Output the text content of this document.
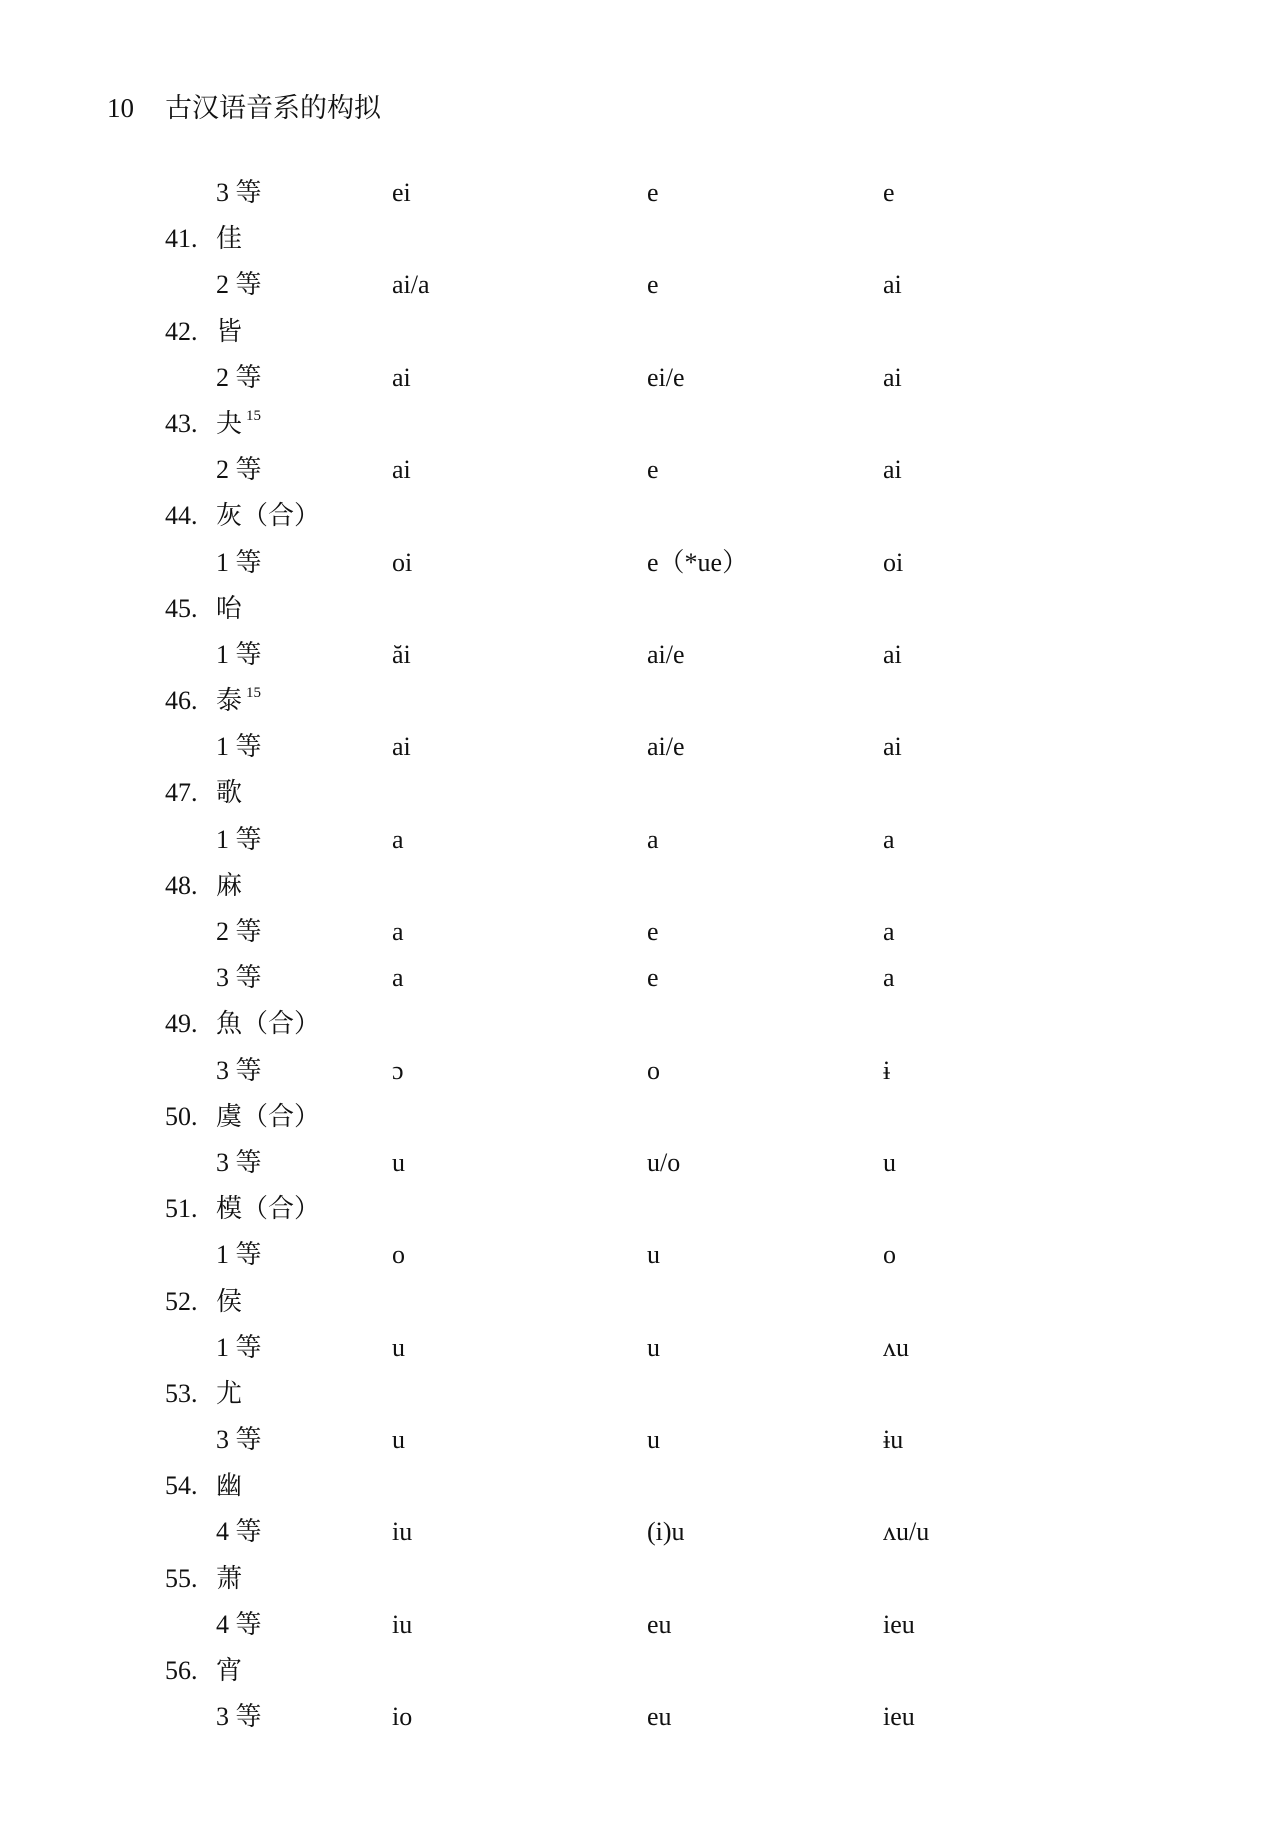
10 古汉语音系的构拟
3 等	ei	e	e
41. 佳
2 等	ai/a	e	ai
42. 皆
2 等	ai	ei/e	ai
43. 夬 $^{15}$
2 等	ai	e	ai
44. 灰（合）
1 等	oi	e（*ue）	oi
45. 咍
1 等	ăi	ai/e	ai
46. 泰 $^{15}$
1 等	ai	ai/e	ai
47. 歌
1 等	a	a	a
48. 麻
2 等	a	e	a
3 等	a	e	a
49. 魚（合）
3 等	ɔ	o	ɨ
50. 虞（合）
3 等	u	u/o	u
51. 模（合）
1 等	o	u	o
52. 侯
1 等	u	u	ʌu
53. 尤
3 等	u	u	ɨu
54. 幽
4 等	iu	(i)u	ʌu/u
55. 萧
4 等	iu	eu	ieu
56. 宵
3 等	io	eu	ieu
